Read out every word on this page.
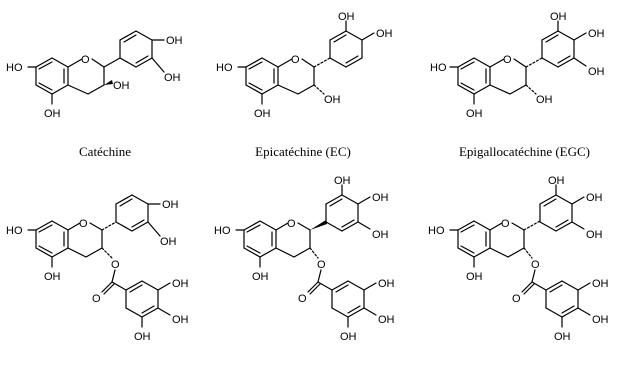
HO
O
OH
OH
OH
OH
HO
O
OH
OH
OH
OH
HO
O
OH
OH
OH
OH
OH
HO
O
OH
OH
O
O
OH
OH
OH
OH
HO
O
OH
OH
OH
O
O
OH
OH
OH
OH
HO
O
OH
OH
OH
O
O
OH
OH
OH
OH
Catéchine	Epicatéchine (EC)	Epigallocatéchine (EGC)
